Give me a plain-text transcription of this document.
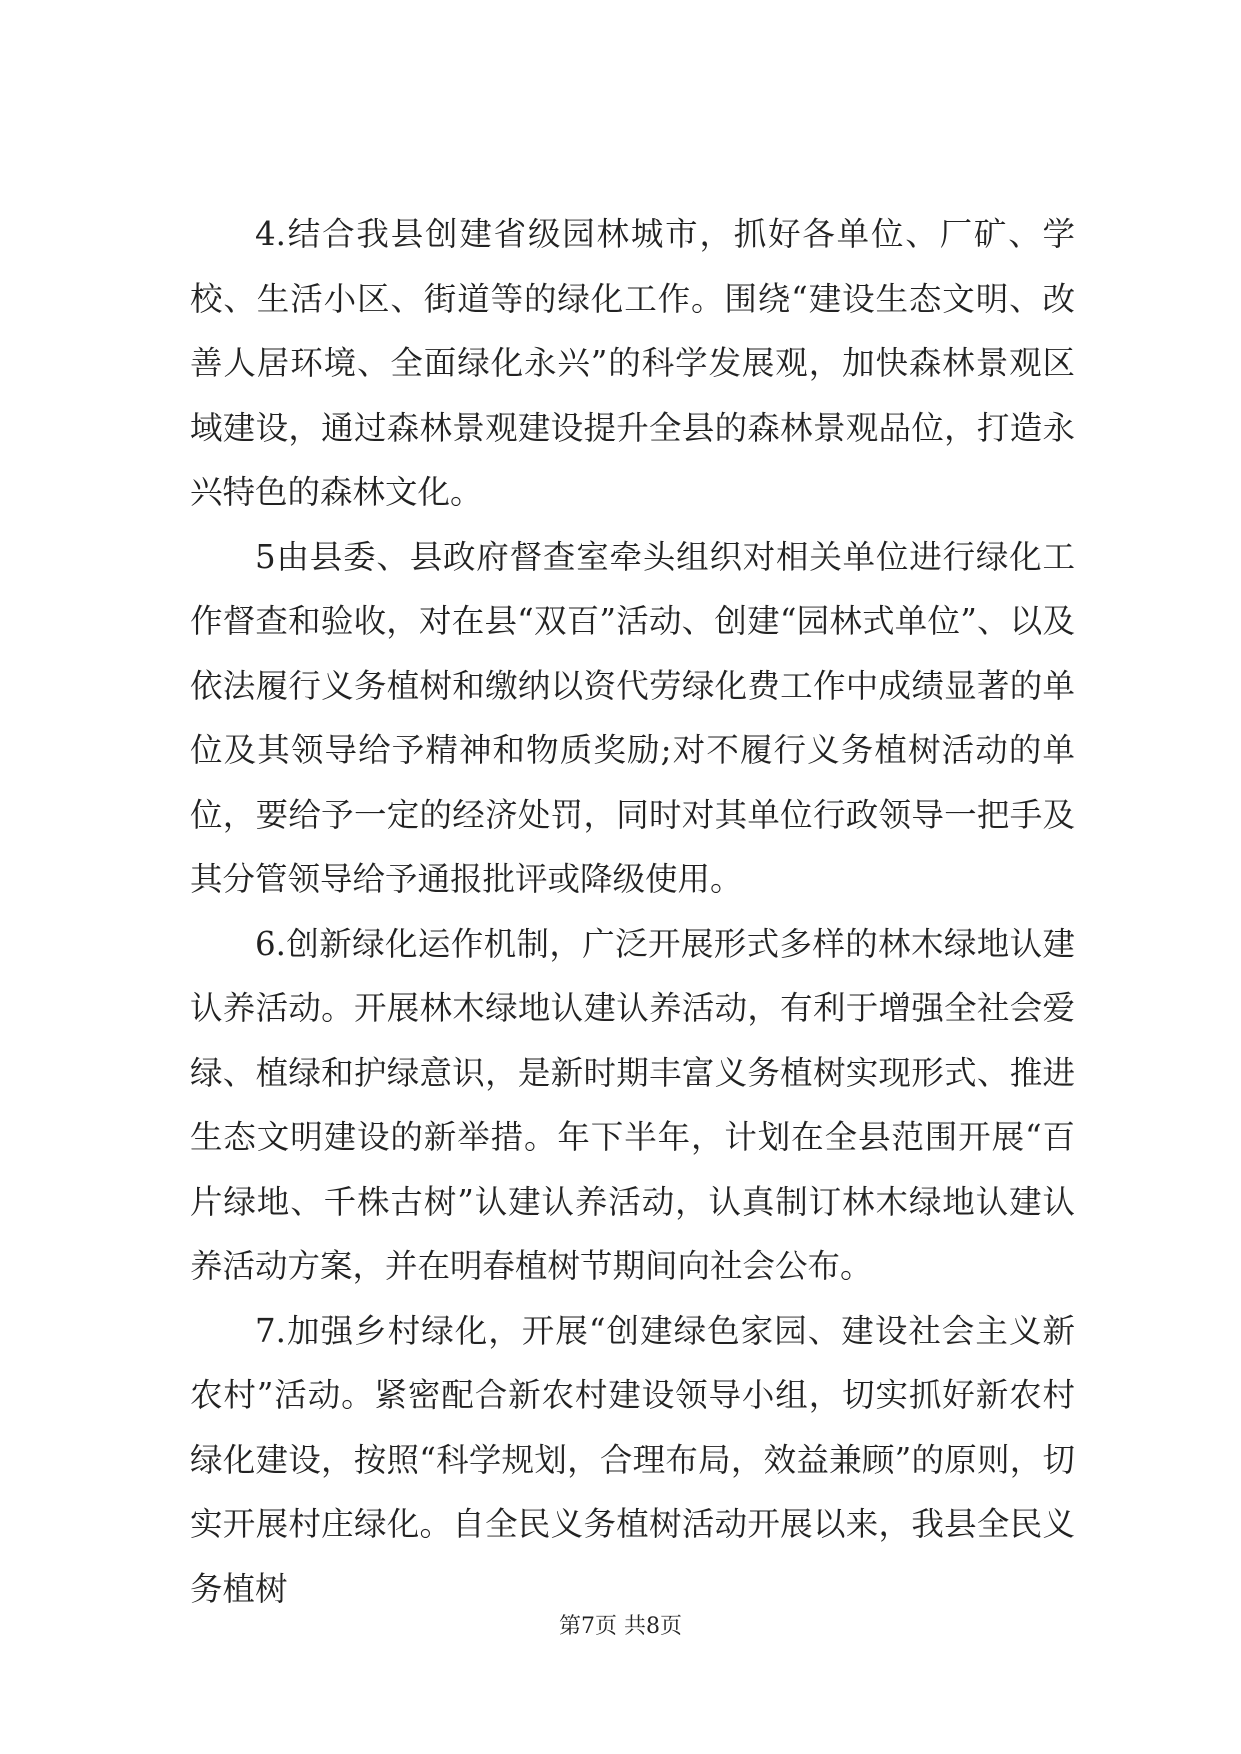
4.结合我县创建省级园林城市，抓好各单位、厂矿、学校、生活小区、街道等的绿化工作。围绕“建设生态文明、改善人居环境、全面绿化永兴”的科学发展观，加快森林景观区域建设，通过森林景观建设提升全县的森林景观品位，打造永兴特色的森林文化。

5由县委、县政府督查室牵头组织对相关单位进行绿化工作督查和验收，对在县“双百”活动、创建“园林式单位”、以及依法履行义务植树和缴纳以资代劳绿化费工作中成绩显著的单位及其领导给予精神和物质奖励;对不履行义务植树活动的单位，要给予一定的经济处罚，同时对其单位行政领导一把手及其分管领导给予通报批评或降级使用。

6.创新绿化运作机制，广泛开展形式多样的林木绿地认建认养活动。开展林木绿地认建认养活动，有利于增强全社会爱绿、植绿和护绿意识，是新时期丰富义务植树实现形式、推进生态文明建设的新举措。年下半年，计划在全县范围开展“百片绿地、千株古树”认建认养活动，认真制订林木绿地认建认养活动方案，并在明春植树节期间向社会公布。

7.加强乡村绿化，开展“创建绿色家园、建设社会主义新农村”活动。紧密配合新农村建设领导小组，切实抓好新农村绿化建设，按照“科学规划，合理布局，效益兼顾”的原则，切实开展村庄绿化。自全民义务植树活动开展以来，我县全民义务植树

第7页 共8页
